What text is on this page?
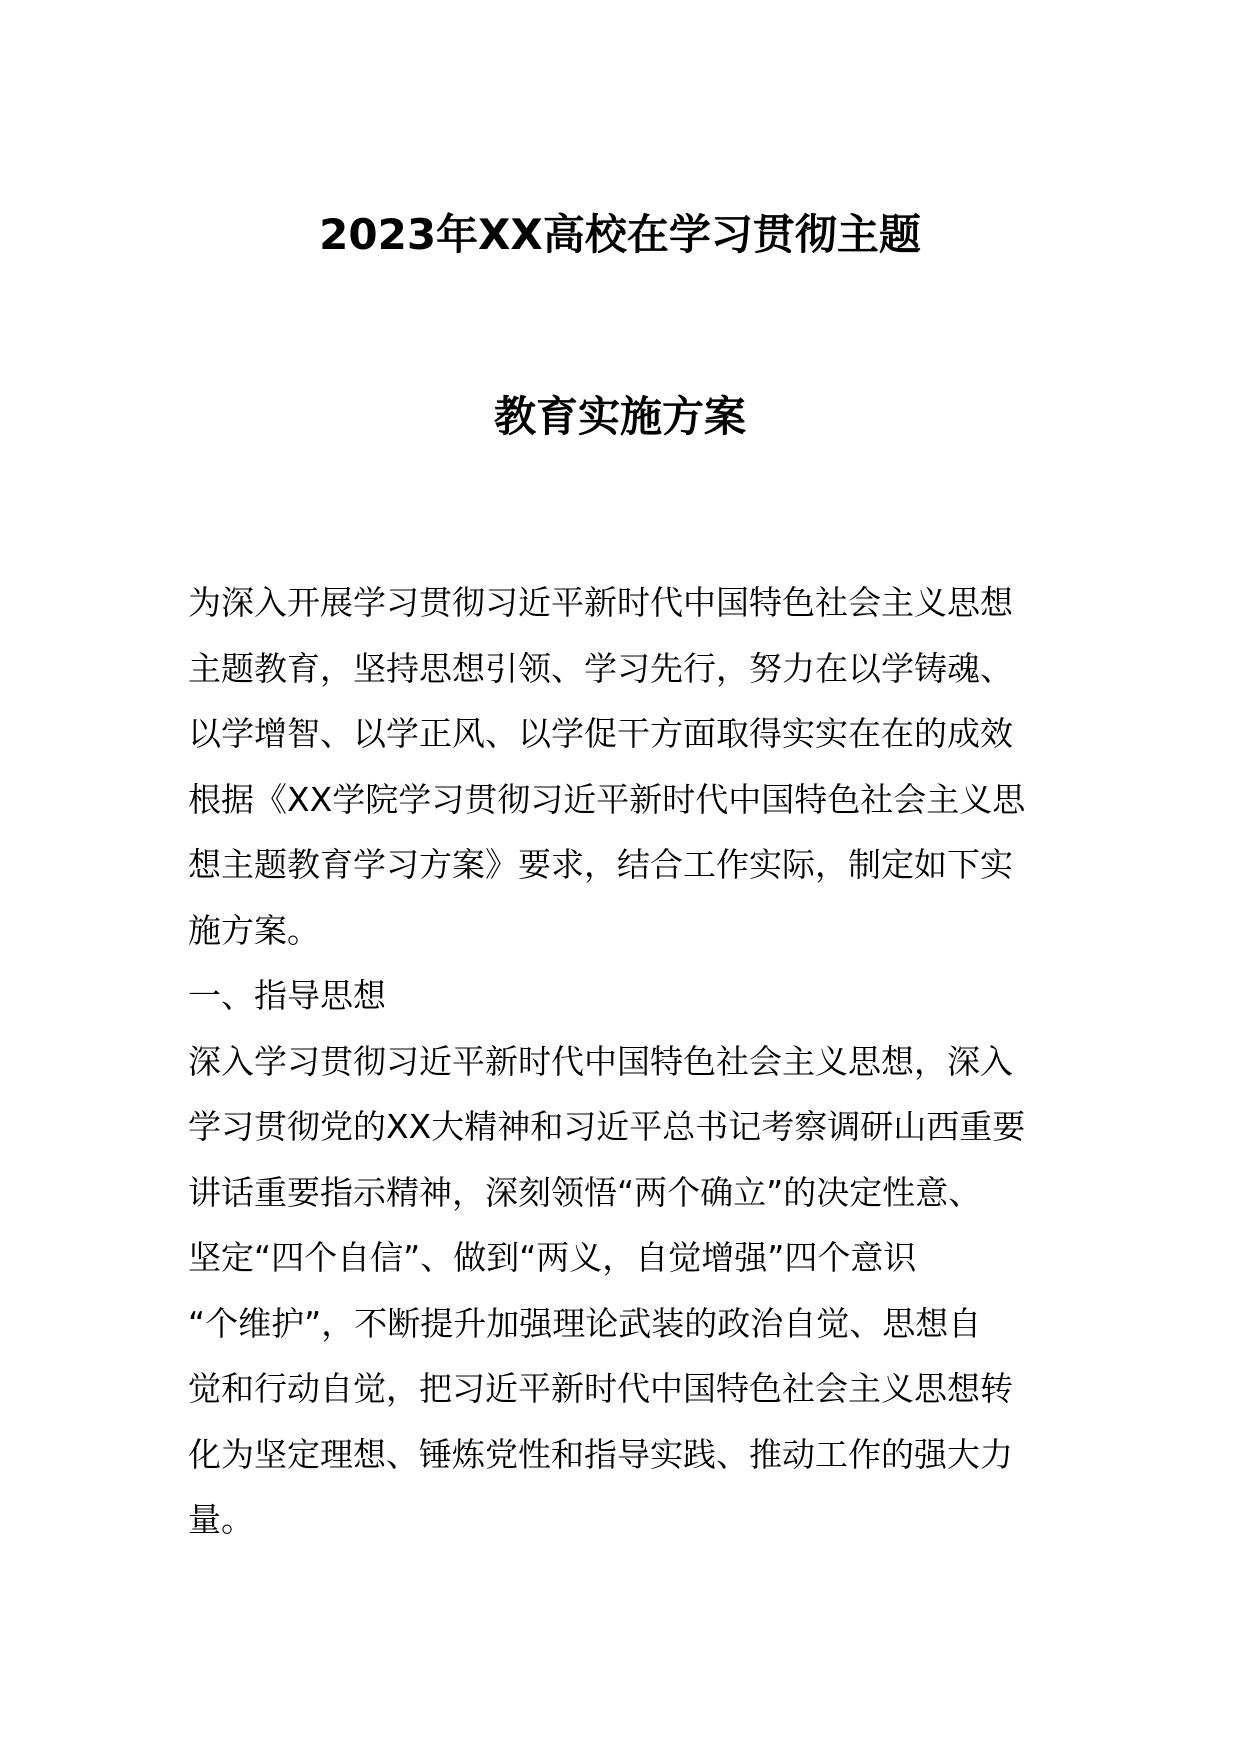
2023年XX高校在学习贯彻主题
教育实施方案
为深入开展学习贯彻习近平新时代中国特色社会主义思想
主题教育，坚持思想引领、学习先行，努力在以学铸魂、
以学增智、以学正风、以学促干方面取得实实在在的成效
根据《XX学院学习贯彻习近平新时代中国特色社会主义思
想主题教育学习方案》要求，结合工作实际，制定如下实
施方案。
一、指导思想
深入学习贯彻习近平新时代中国特色社会主义思想，深入
学习贯彻党的XX大精神和习近平总书记考察调研山西重要
讲话重要指示精神，深刻领悟“两个确立”的决定性意、
坚定“四个自信”、做到“两义，自觉增强”四个意识
“个维护”，不断提升加强理论武装的政治自觉、思想自
觉和行动自觉，把习近平新时代中国特色社会主义思想转
化为坚定理想、锤炼党性和指导实践、推动工作的强大力
量。
